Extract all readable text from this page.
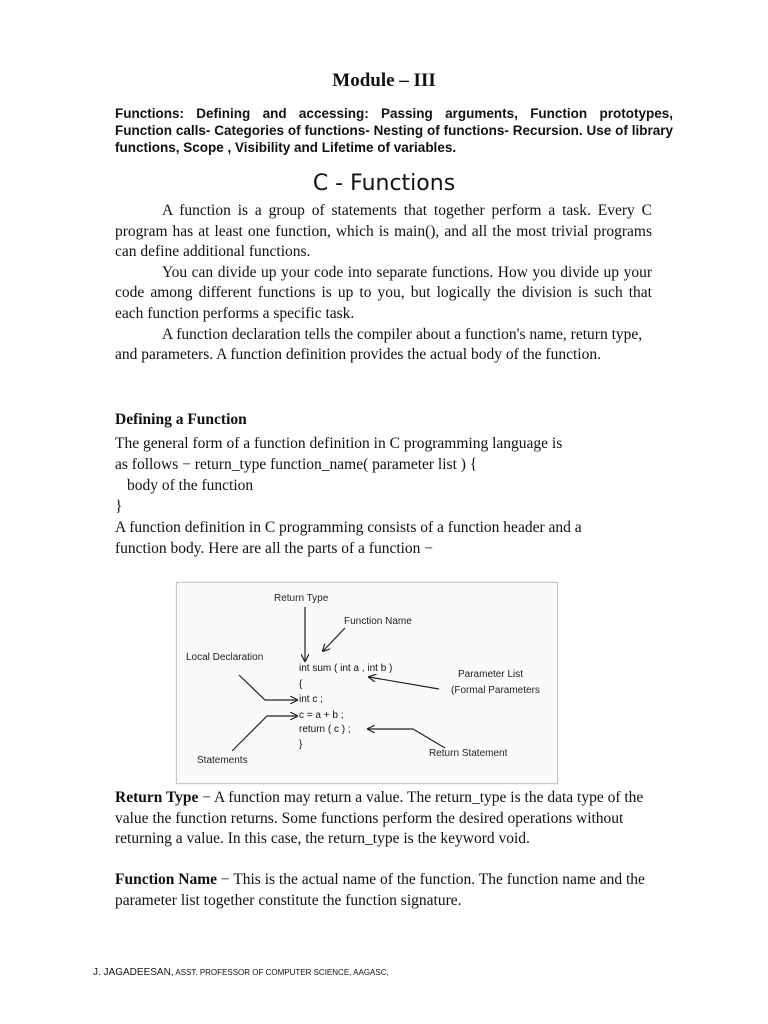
Module – III
Functions: Defining and accessing: Passing arguments, Function prototypes, Function calls- Categories of functions- Nesting of functions- Recursion. Use of library functions, Scope , Visibility and Lifetime of variables.
C - Functions

A function is a group of statements that together perform a task. Every C program has at least one function, which is main(), and all the most trivial programs can define additional functions.

You can divide up your code into separate functions. How you divide up your code among different functions is up to you, but logically the division is such that each function performs a specific task.

A function declaration tells the compiler about a function's name, return type, and parameters. A function definition provides the actual body of the function.

Defining a Function
The general form of a function definition in C programming language is
as follows − return_type function_name( parameter list ) {
body of the function
}
A function definition in C programming consists of a function header and a
function body. Here are all the parts of a function −
Return Type
Function Name
Local Declaration
Parameter List
(Formal Parameters
Statements
Return Statement
int sum ( int a , int b )
{
int c ;
c = a + b ;
return ( c ) ;
}
Return Type − A function may return a value. The return_type is the data type of the value the function returns. Some functions perform the desired operations without returning a value. In this case, the return_type is the keyword void.
Function Name − This is the actual name of the function. The function name and the parameter list together constitute the function signature.
J. JAGADEESAN, ASST. PROFESSOR OF COMPUTER SCIENCE, AAGASC,
